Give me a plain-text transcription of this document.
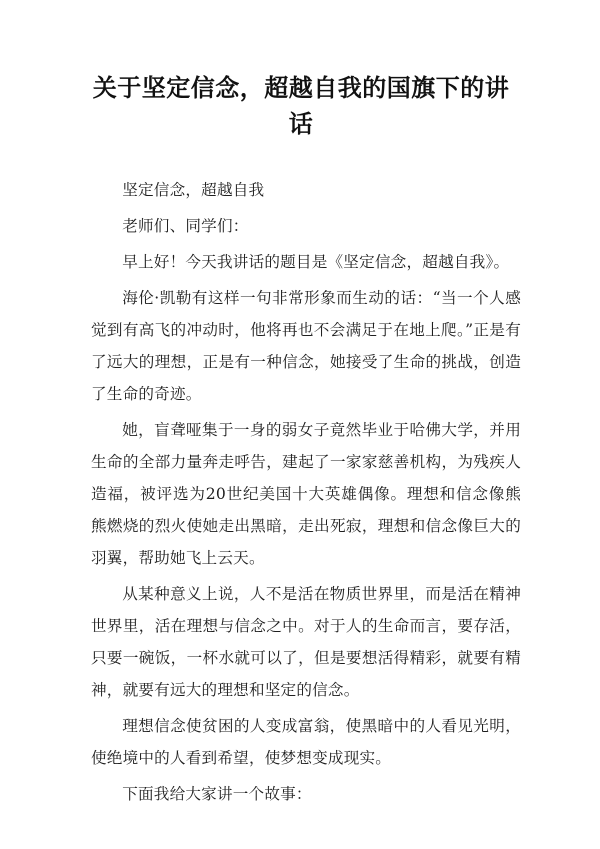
关于坚定信念，超越自我的国旗下的讲话

坚定信念，超越自我

老师们、同学们：

早上好！今天我讲话的题目是《坚定信念，超越自我》。

海伦·凯勒有这样一句非常形象而生动的话：“当一个人感觉到有高飞的冲动时，他将再也不会满足于在地上爬。”正是有了远大的理想，正是有一种信念，她接受了生命的挑战，创造了生命的奇迹。

她，盲聋哑集于一身的弱女子竟然毕业于哈佛大学，并用生命的全部力量奔走呼告，建起了一家家慈善机构，为残疾人造福，被评选为20世纪美国十大英雄偶像。理想和信念像熊熊燃烧的烈火使她走出黑暗，走出死寂，理想和信念像巨大的羽翼，帮助她飞上云天。

从某种意义上说，人不是活在物质世界里，而是活在精神世界里，活在理想与信念之中。对于人的生命而言，要存活，只要一碗饭，一杯水就可以了，但是要想活得精彩，就要有精神，就要有远大的理想和坚定的信念。

理想信念使贫困的人变成富翁，使黑暗中的人看见光明，使绝境中的人看到希望，使梦想变成现实。

下面我给大家讲一个故事：
